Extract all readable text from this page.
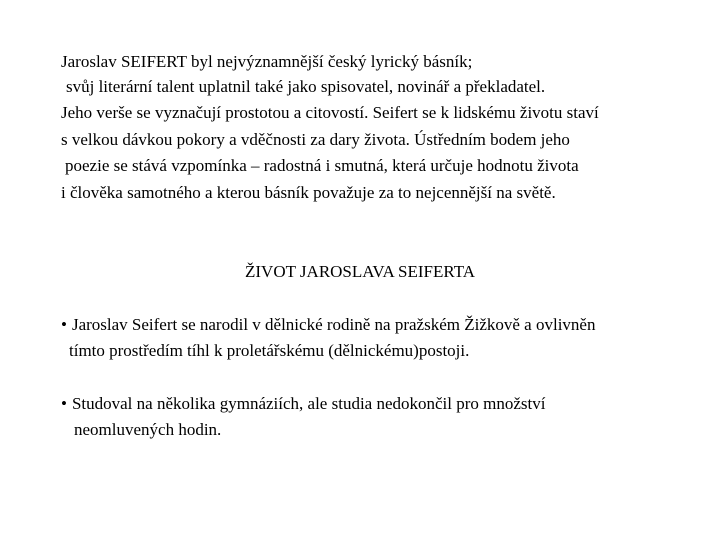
Jaroslav SEIFERT byl nejvýznamnější český lyrický básník;
svůj literární talent uplatnil také jako spisovatel, novinář a překladatel.
Jeho verše se vyznačují prostotou a citovostí. Seifert se k lidskému životu staví
s velkou dávkou pokory a vděčnosti za dary života. Ústředním bodem jeho
poezie se stává vzpomínka – radostná i smutná, která určuje hodnotu života
i člověka samotného a kterou básník považuje za to nejcennější na světě.
ŽIVOT JAROSLAVA SEIFERTA
• Jaroslav Seifert se narodil v dělnické rodině na pražském Žižkově a ovlivněn
tímto prostředím tíhl k proletářskému (dělnickému)postoji.
• Studoval na několika gymnáziích, ale studia nedokončil pro množství
neomluvených hodin.
